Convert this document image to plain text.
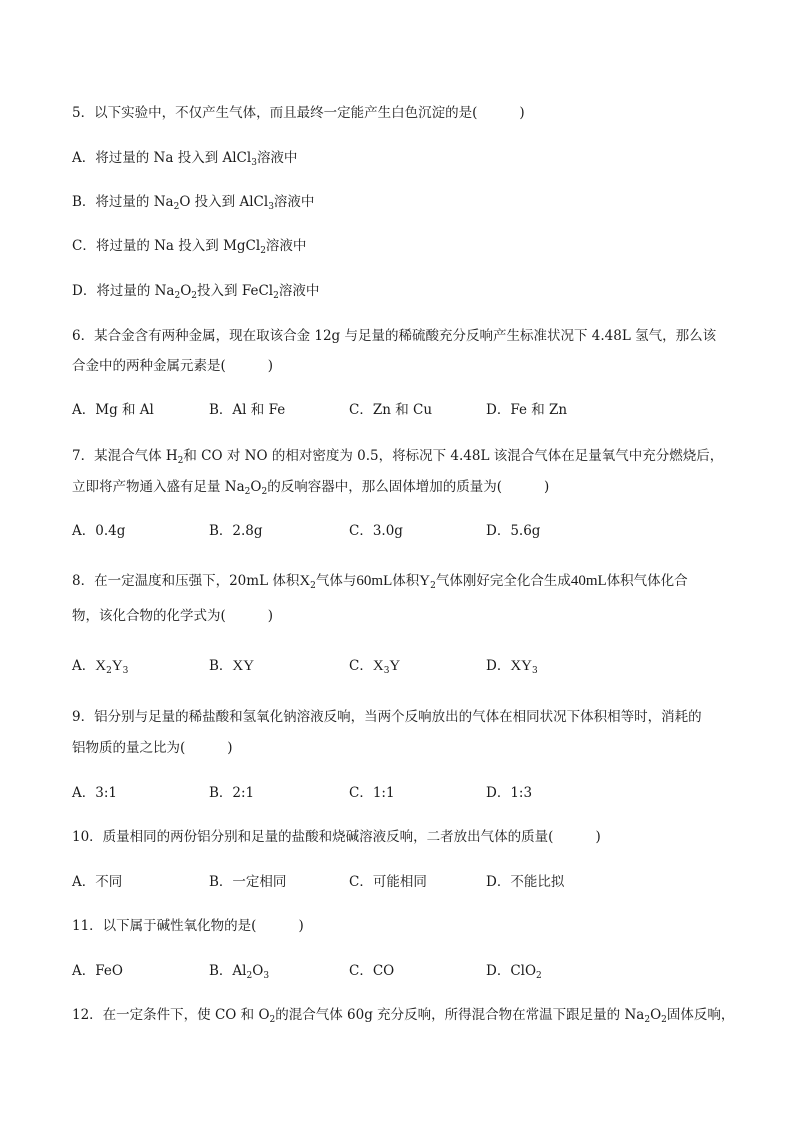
5．以下实验中，不仅产生气体，而且最终一定能产生白色沉淀的是(	)
A．将过量的 Na 投入到 AlCl$_3$溶液中
B．将过量的 $Na_2O$ 投入到 AlCl$_3$溶液中
C．将过量的 Na 投入到 MgCl$_2$溶液中
D．将过量的 $Na_2O_2$投入到 FeCl$_2$溶液中
6．某合金含有两种金属，现在取该合金 12g 与足量的稀硫酸充分反响产生标准状况下 4.48L 氢气，那么该
合金中的两种金属元素是(	)
A．Mg 和 Al	B．Al 和 Fe	C．Zn 和 Cu	D．Fe 和 Zn
7．某混合气体 $H_2$和 CO 对 NO 的相对密度为 0.5，将标况下 4.48L 该混合气体在足量氧气中充分燃烧后，
立即将产物通入盛有足量 $Na_2O_2$的反响容器中，那么固体增加的质量为(	)
A．0.4g	B．2.8g	C．3.0g	D．5.6g
8．在一定温度和压强下，20mL 体积$X_2$气体与60mL体积$Y_2$气体刚好完全化合生成40mL体积气体化合
物，该化合物的化学式为(	)
A．$X_2Y_3$	B．XY	C．$X_3Y$	D．$XY_3$
9．铝分别与足量的稀盐酸和氢氧化钠溶液反响，当两个反响放出的气体在相同状况下体积相等时，消耗的
铝物质的量之比为(	)
A．3:1	B．2:1	C．1:1	D．1:3
10．质量相同的两份铝分别和足量的盐酸和烧碱溶液反响，二者放出气体的质量(	)
A．不同	B．一定相同	C．可能相同	D．不能比拟
11．以下属于碱性氧化物的是(	)
A．FeO	B．$Al_2O_3$	C．CO	D．ClO$_2$
12．在一定条件下，使 CO 和 $O_2$的混合气体 60g 充分反响，所得混合物在常温下跟足量的 $Na_2O_2$固体反响，
